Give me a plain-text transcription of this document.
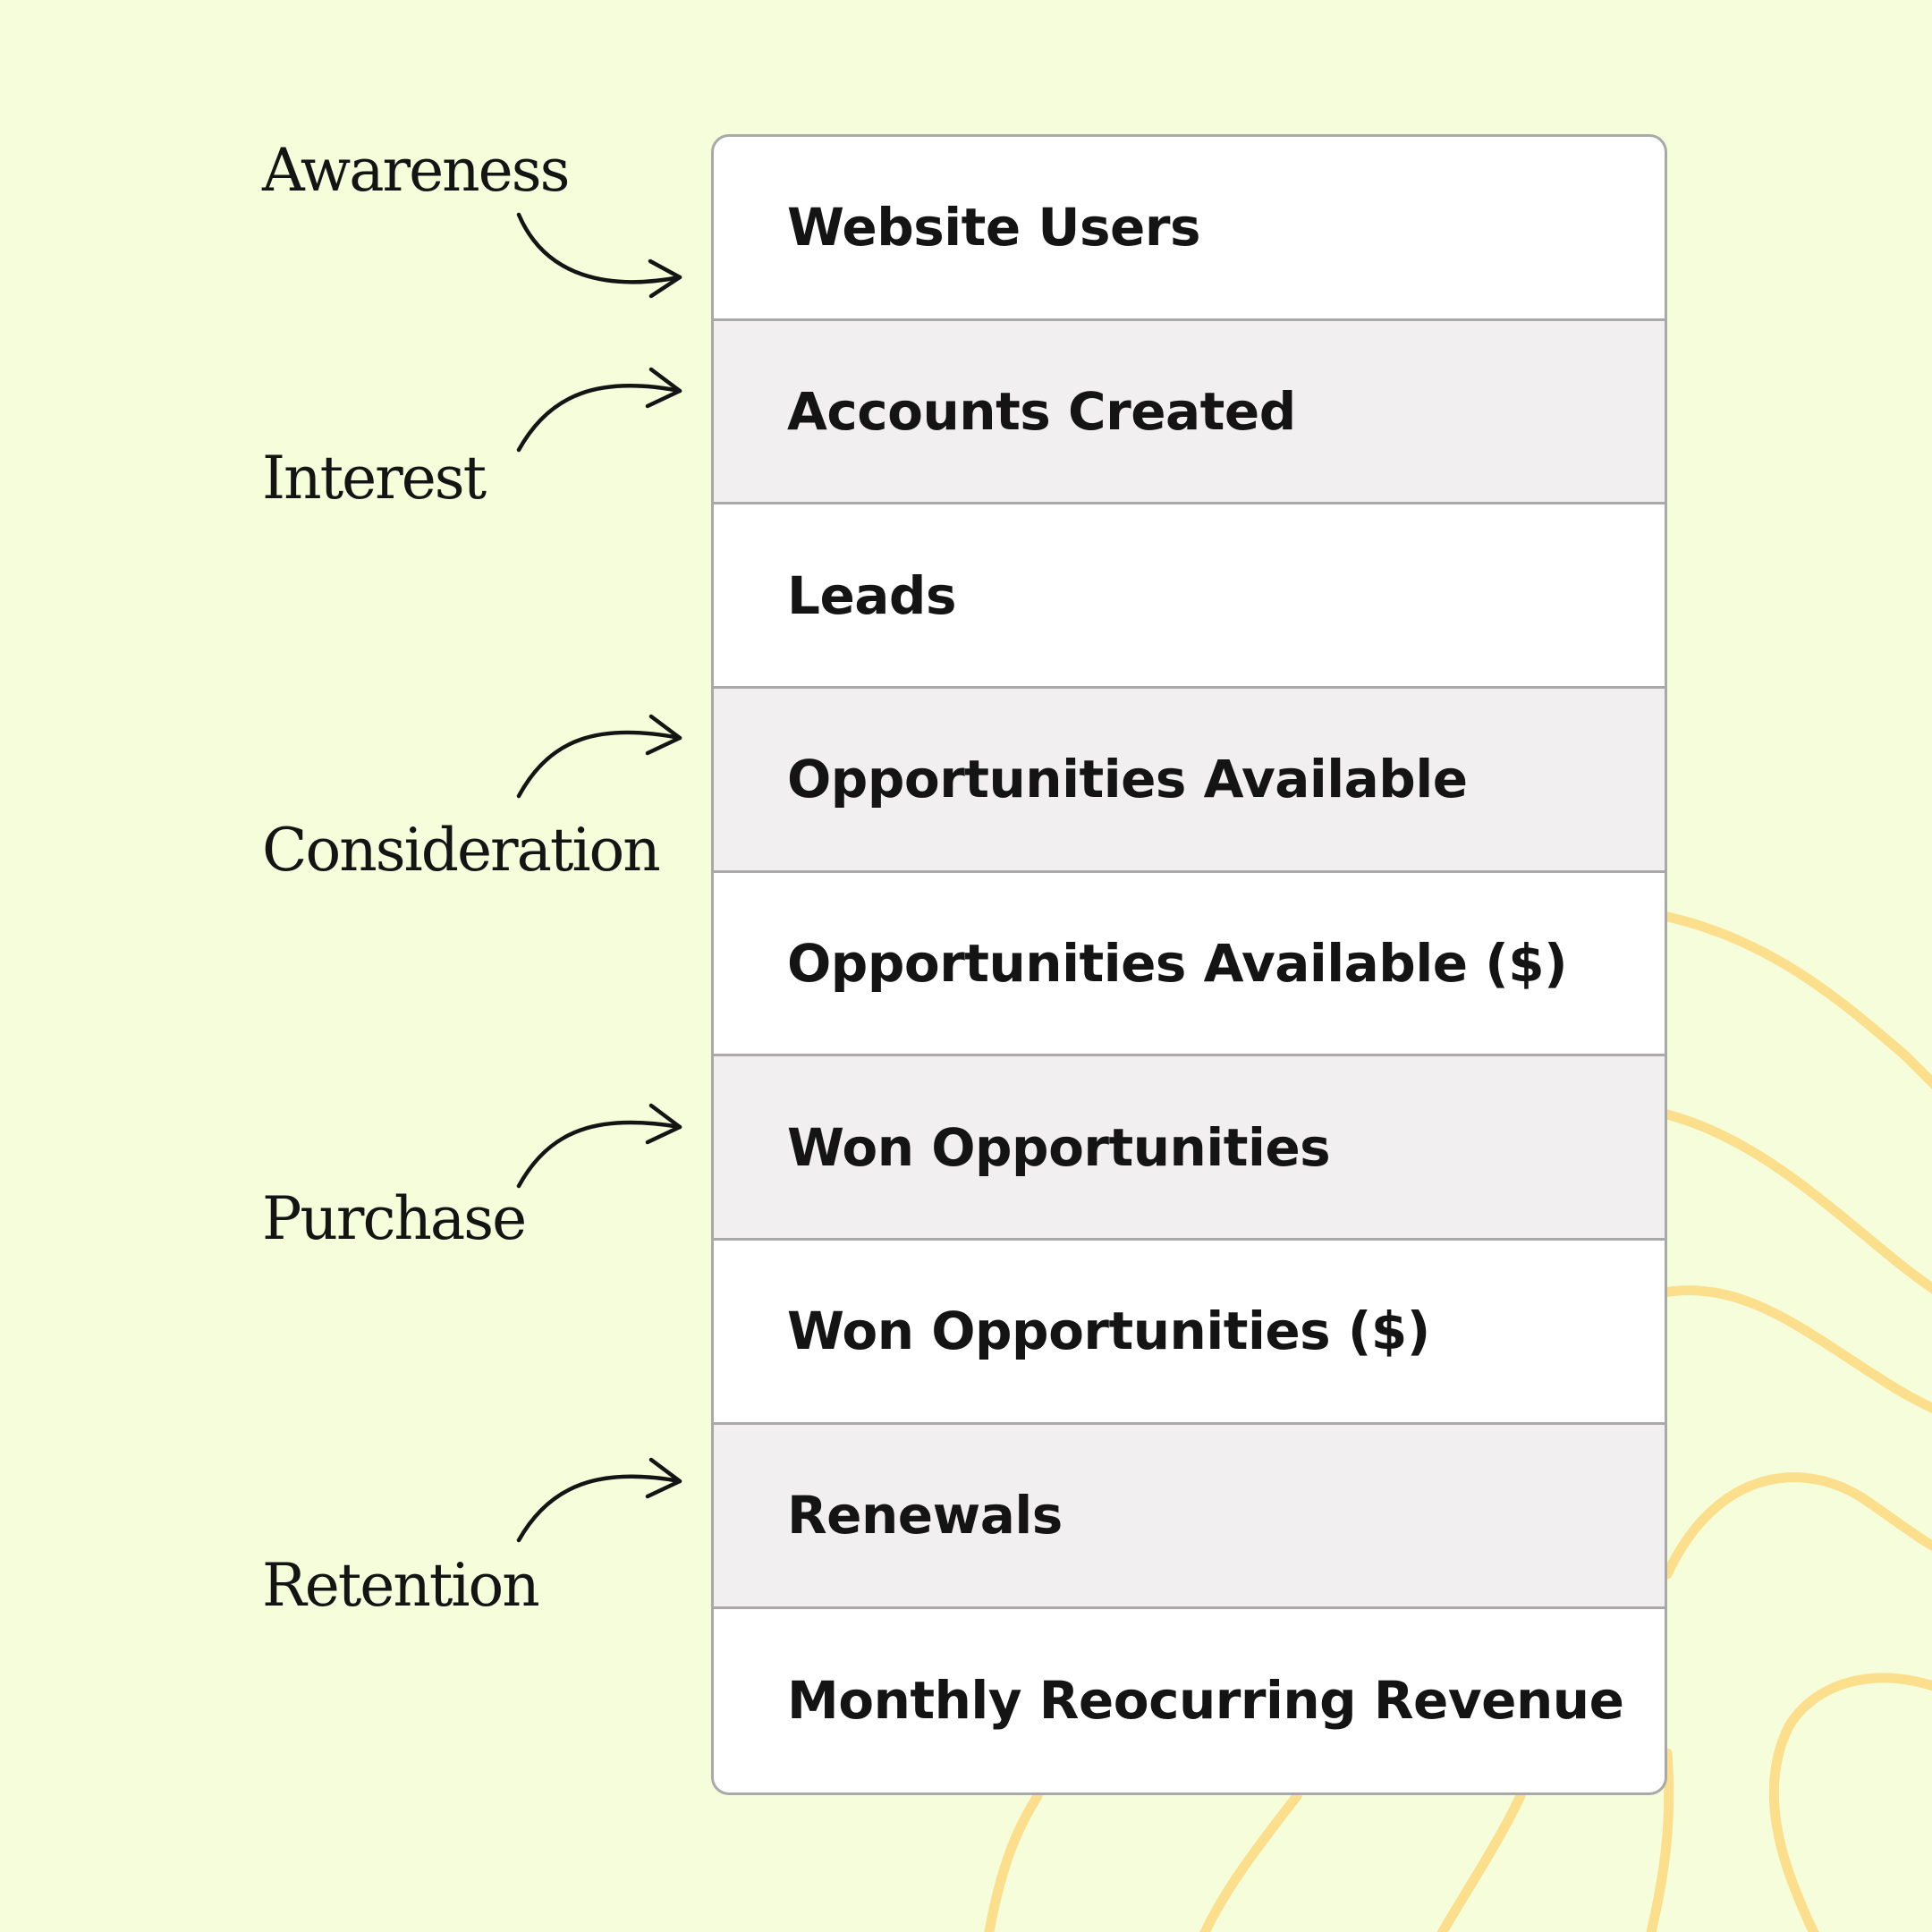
Awareness
Interest
Consideration
Purchase
Retention
Website Users
Accounts Created
Leads
Opportunities Available
Opportunities Available ($)
Won Opportunities
Won Opportunities ($)
Renewals
Monthly Reocurring Revenue
